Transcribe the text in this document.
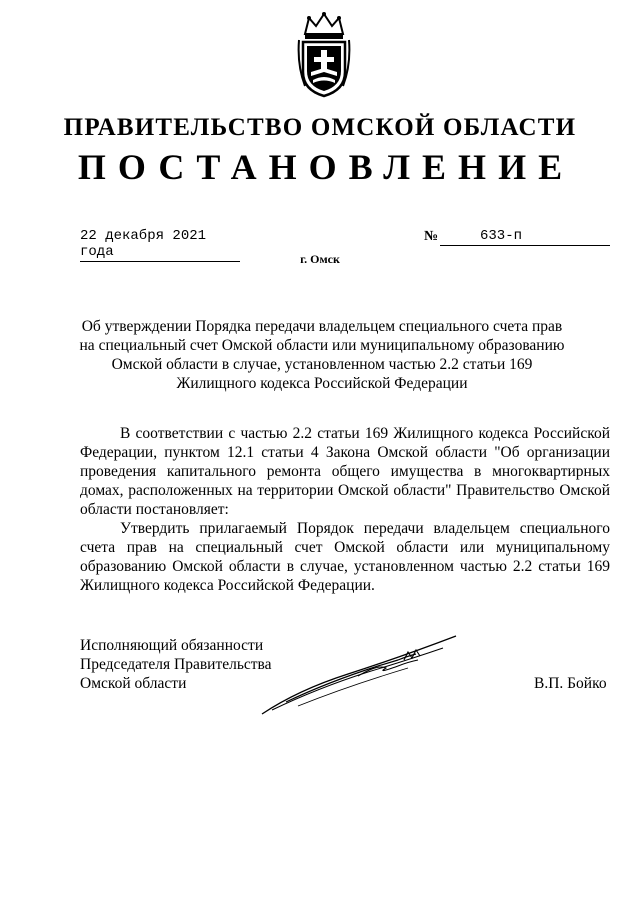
ПРАВИТЕЛЬСТВО ОМСКОЙ ОБЛАСТИ
ПОСТАНОВЛЕНИЕ
22 декабря 2021 года
№	633-п
г. Омск
Об утверждении Порядка передачи владельцем специального счета прав на специальный счет Омской области или муниципальному образованию Омской области в случае, установленном частью 2.2 статьи 169 Жилищного кодекса Российской Федерации

В соответствии с частью 2.2 статьи 169 Жилищного кодекса Российской Федерации, пунктом 12.1 статьи 4 Закона Омской области "Об организации проведения капитального ремонта общего имущества в многоквартирных домах, расположенных на территории Омской области" Правительство Омской области постановляет:

Утвердить прилагаемый Порядок передачи владельцем специального счета прав на специальный счет Омской области или муниципальному образованию Омской области в случае, установленном частью 2.2 статьи 169 Жилищного кодекса Российской Федерации.

Исполняющий обязанности
Председателя Правительства
Омской области	В.П. Бойко
